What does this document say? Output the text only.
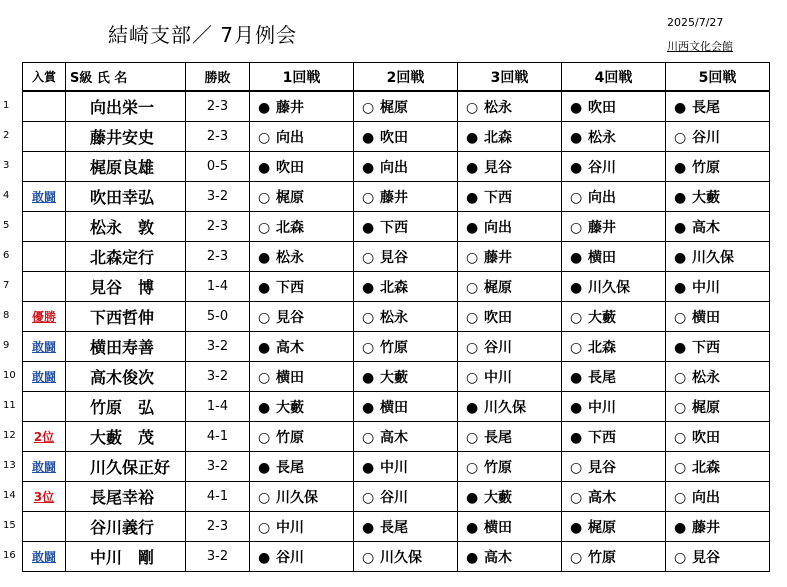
結崎支部／ 7月例会
2025/7/27
川西文化会館
1
2
3
4
5
6
7
8
9
10
11
12
13
14
15
16
入賞	S級 氏 名	勝敗	1回戦	2回戦	3回戦	4回戦	5回戦
	向出栄一	2-3	● 藤井	○ 梶原	○ 松永	● 吹田	● 長尾
	藤井安史	2-3	○ 向出	● 吹田	● 北森	● 松永	○ 谷川
	梶原良雄	0-5	● 吹田	● 向出	● 見谷	● 谷川	● 竹原
敢闘	吹田幸弘	3-2	○ 梶原	○ 藤井	● 下西	○ 向出	● 大藪
	松永　敦	2-3	○ 北森	● 下西	● 向出	○ 藤井	● 高木
	北森定行	2-3	● 松永	○ 見谷	○ 藤井	● 横田	● 川久保
	見谷　博	1-4	● 下西	● 北森	○ 梶原	● 川久保	● 中川
優勝	下西哲伸	5-0	○ 見谷	○ 松永	○ 吹田	○ 大藪	○ 横田
敢闘	横田寿善	3-2	● 高木	○ 竹原	○ 谷川	○ 北森	● 下西
敢闘	高木俊次	3-2	○ 横田	● 大藪	○ 中川	● 長尾	○ 松永
	竹原　弘	1-4	● 大藪	● 横田	● 川久保	● 中川	○ 梶原
2位	大藪　茂	4-1	○ 竹原	○ 高木	○ 長尾	● 下西	○ 吹田
敢闘	川久保正好	3-2	● 長尾	● 中川	○ 竹原	○ 見谷	○ 北森
3位	長尾幸裕	4-1	○ 川久保	○ 谷川	● 大藪	○ 高木	○ 向出
	谷川義行	2-3	○ 中川	● 長尾	● 横田	● 梶原	● 藤井
敢闘	中川　剛	3-2	● 谷川	○ 川久保	● 高木	○ 竹原	○ 見谷
